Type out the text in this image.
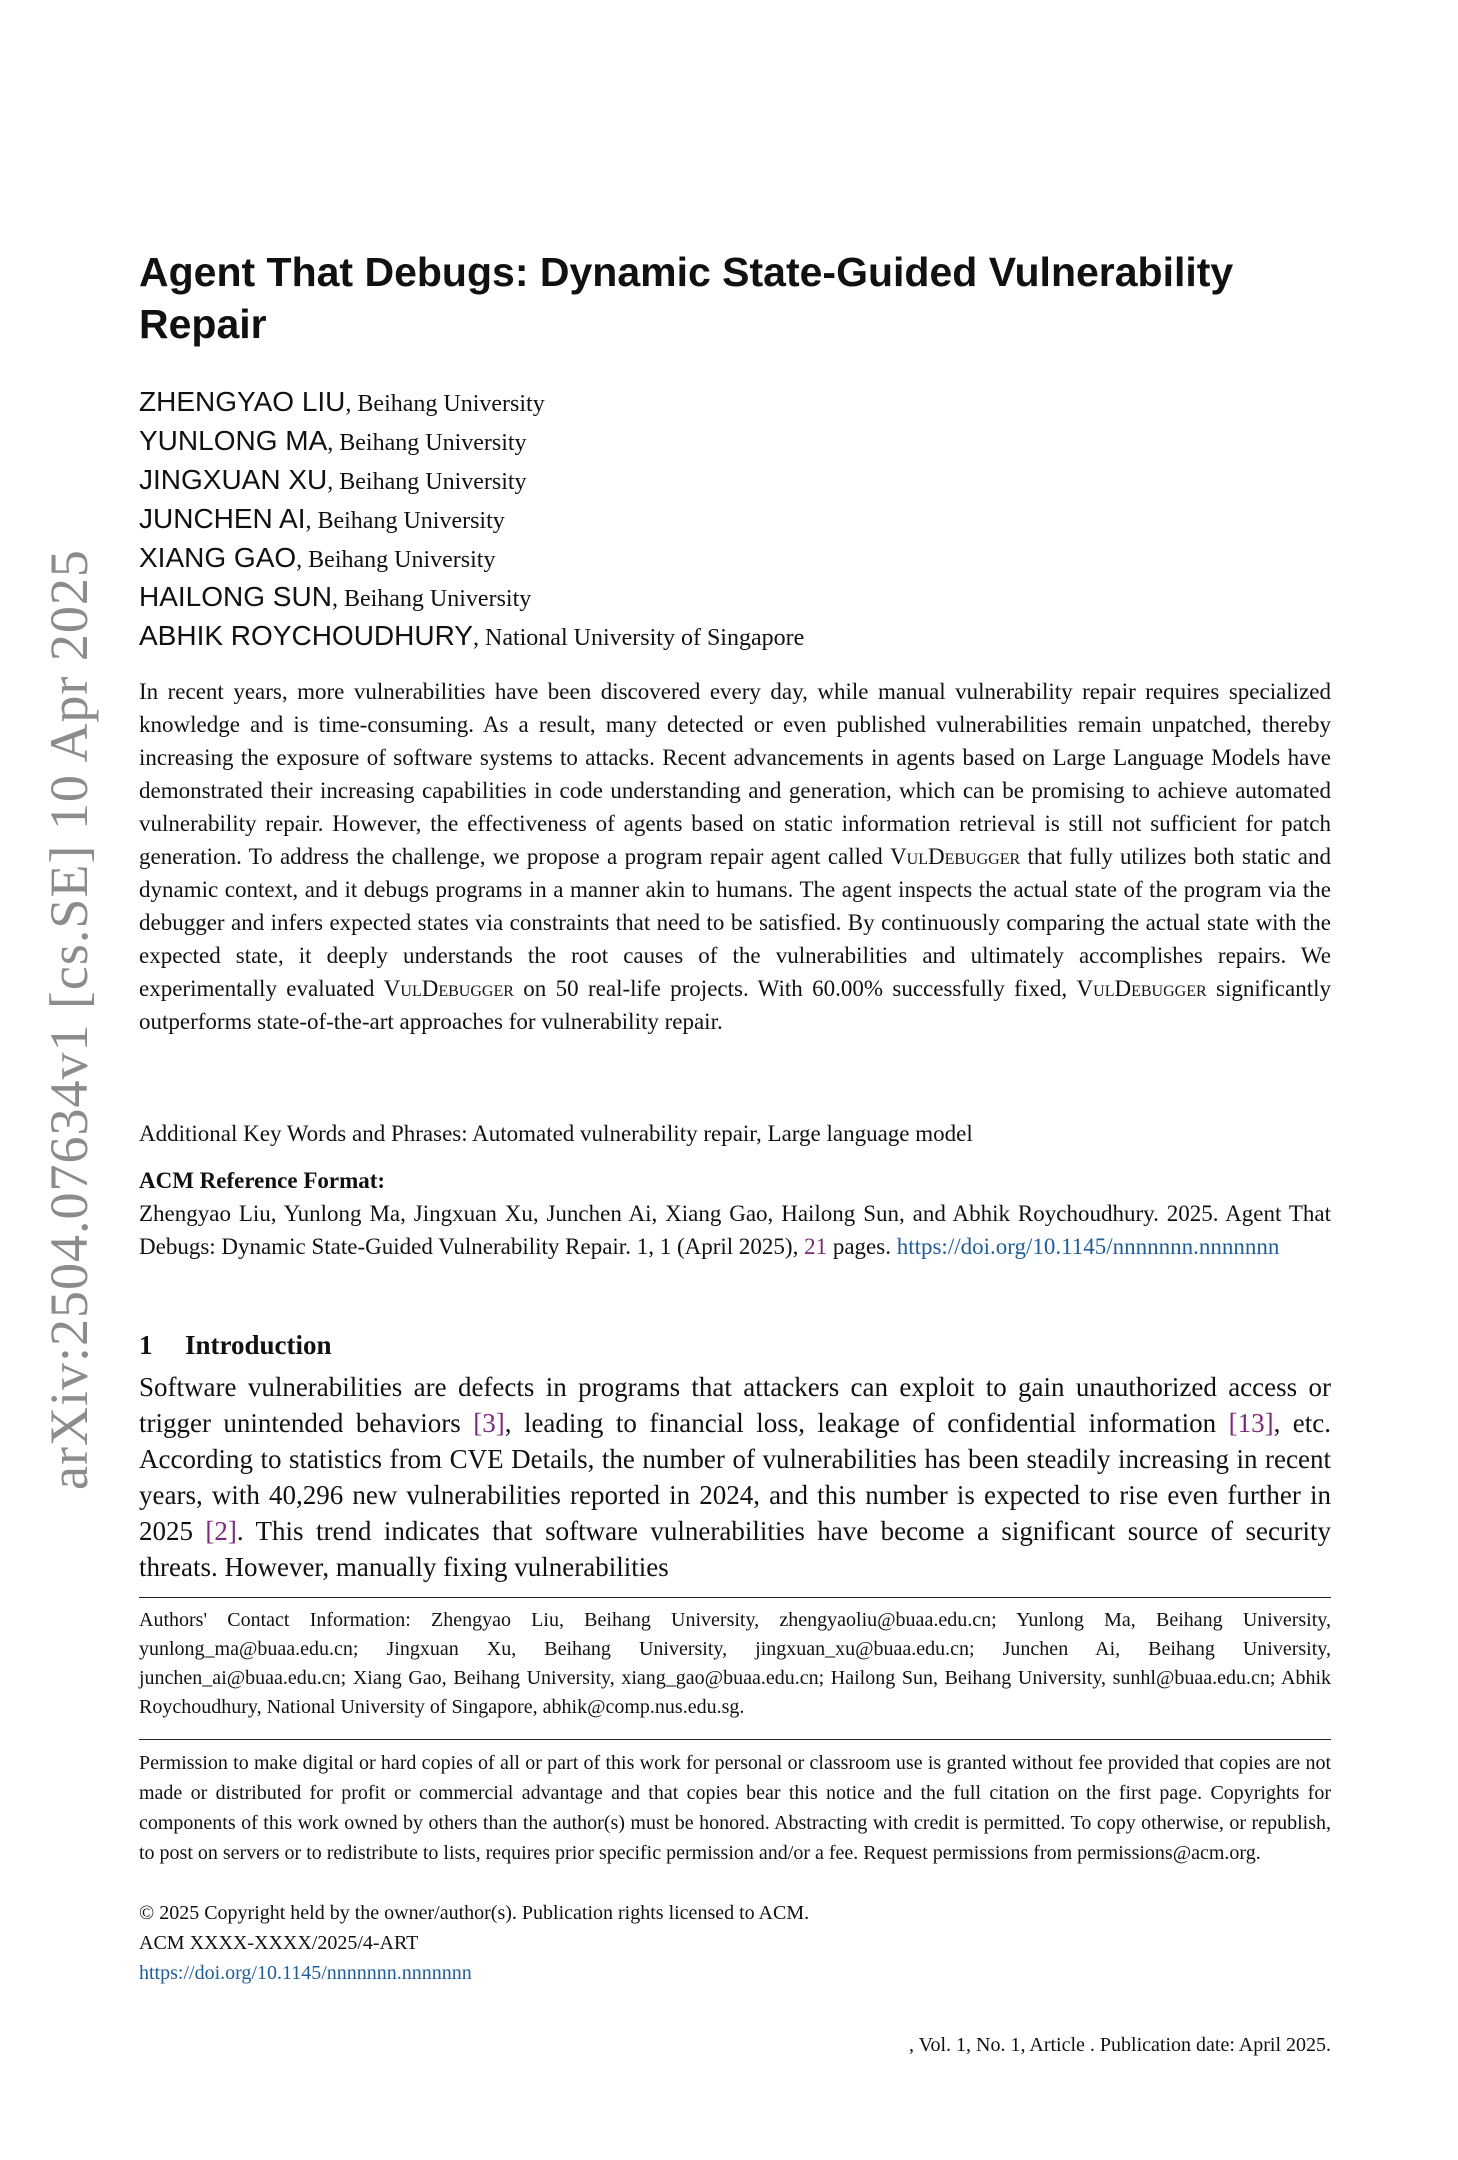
arXiv:2504.07634v1 [cs.SE] 10 Apr 2025
Agent That Debugs: Dynamic State-Guided Vulnerability Repair
ZHENGYAO LIU, Beihang University
YUNLONG MA, Beihang University
JINGXUAN XU, Beihang University
JUNCHEN AI, Beihang University
XIANG GAO, Beihang University
HAILONG SUN, Beihang University
ABHIK ROYCHOUDHURY, National University of Singapore

In recent years, more vulnerabilities have been discovered every day, while manual vulnerability repair requires specialized knowledge and is time-consuming. As a result, many detected or even published vulnerabilities remain unpatched, thereby increasing the exposure of software systems to attacks. Recent advancements in agents based on Large Language Models have demonstrated their increasing capabilities in code understanding and generation, which can be promising to achieve automated vulnerability repair. However, the effectiveness of agents based on static information retrieval is still not sufficient for patch generation. To address the challenge, we propose a program repair agent called VulDebugger that fully utilizes both static and dynamic context, and it debugs programs in a manner akin to humans. The agent inspects the actual state of the program via the debugger and infers expected states via constraints that need to be satisfied. By continuously comparing the actual state with the expected state, it deeply understands the root causes of the vulnerabilities and ultimately accomplishes repairs. We experimentally evaluated VulDebugger on 50 real-life projects. With 60.00% successfully fixed, VulDebugger significantly outperforms state-of-the-art approaches for vulnerability repair.

Additional Key Words and Phrases: Automated vulnerability repair, Large language model

ACM Reference Format:

Zhengyao Liu, Yunlong Ma, Jingxuan Xu, Junchen Ai, Xiang Gao, Hailong Sun, and Abhik Roychoudhury. 2025. Agent That Debugs: Dynamic State-Guided Vulnerability Repair. 1, 1 (April 2025), 21 pages. https://doi.org/10.1145/nnnnnnn.nnnnnnn

1 Introduction

Software vulnerabilities are defects in programs that attackers can exploit to gain unauthorized access or trigger unintended behaviors [3], leading to financial loss, leakage of confidential information [13], etc. According to statistics from CVE Details, the number of vulnerabilities has been steadily increasing in recent years, with 40,296 new vulnerabilities reported in 2024, and this number is expected to rise even further in 2025 [2]. This trend indicates that software vulnerabilities have become a significant source of security threats. However, manually fixing vulnerabilities

Authors' Contact Information: Zhengyao Liu, Beihang University, zhengyaoliu@buaa.edu.cn; Yunlong Ma, Beihang University, yunlong_ma@buaa.edu.cn; Jingxuan Xu, Beihang University, jingxuan_xu@buaa.edu.cn; Junchen Ai, Beihang University, junchen_ai@buaa.edu.cn; Xiang Gao, Beihang University, xiang_gao@buaa.edu.cn; Hailong Sun, Beihang University, sunhl@buaa.edu.cn; Abhik Roychoudhury, National University of Singapore, abhik@comp.nus.edu.sg.

Permission to make digital or hard copies of all or part of this work for personal or classroom use is granted without fee provided that copies are not made or distributed for profit or commercial advantage and that copies bear this notice and the full citation on the first page. Copyrights for components of this work owned by others than the author(s) must be honored. Abstracting with credit is permitted. To copy otherwise, or republish, to post on servers or to redistribute to lists, requires prior specific permission and/or a fee. Request permissions from permissions@acm.org.

© 2025 Copyright held by the owner/author(s). Publication rights licensed to ACM.

ACM XXXX-XXXX/2025/4-ART

https://doi.org/10.1145/nnnnnnn.nnnnnnn

, Vol. 1, No. 1, Article . Publication date: April 2025.
